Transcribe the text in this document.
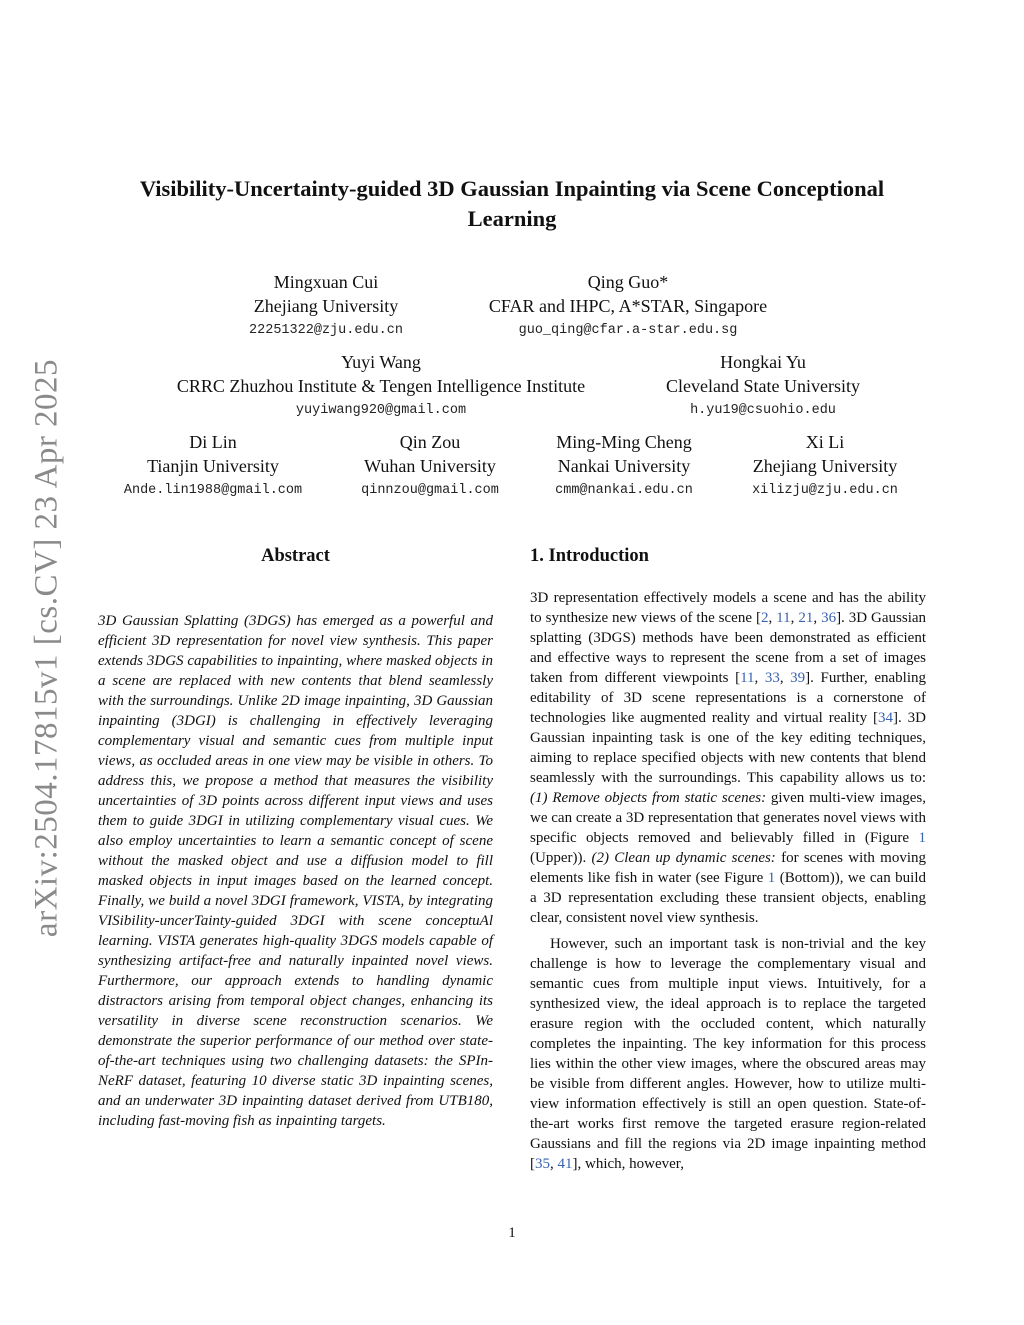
arXiv:2504.17815v1 [cs.CV] 23 Apr 2025
Visibility-Uncertainty-guided 3D Gaussian Inpainting via Scene Conceptional
Learning
Mingxuan Cui
Zhejiang University
22251322@zju.edu.cn
Qing Guo*
CFAR and IHPC, A*STAR, Singapore
guo_qing@cfar.a-star.edu.sg
Yuyi Wang
CRRC Zhuzhou Institute & Tengen Intelligence Institute
yuyiwang920@gmail.com
Hongkai Yu
Cleveland State University
h.yu19@csuohio.edu
Di Lin
Tianjin University
Ande.lin1988@gmail.com
Qin Zou
Wuhan University
qinnzou@gmail.com
Ming-Ming Cheng
Nankai University
cmm@nankai.edu.cn
Xi Li
Zhejiang University
xilizju@zju.edu.cn
Abstract

3D Gaussian Splatting (3DGS) has emerged as a powerful and efficient 3D representation for novel view synthesis. This paper extends 3DGS capabilities to inpainting, where masked objects in a scene are replaced with new contents that blend seamlessly with the surroundings. Unlike 2D image inpainting, 3D Gaussian inpainting (3DGI) is challenging in effectively leveraging complementary visual and semantic cues from multiple input views, as occluded areas in one view may be visible in others. To address this, we propose a method that measures the visibility uncertainties of 3D points across different input views and uses them to guide 3DGI in utilizing complementary visual cues. We also employ uncertainties to learn a semantic concept of scene without the masked object and use a diffusion model to fill masked objects in input images based on the learned concept. Finally, we build a novel 3DGI framework, VISTA, by integrating VISibility-uncerTainty-guided 3DGI with scene conceptuAl learning. VISTA generates high-quality 3DGS models capable of synthesizing artifact-free and naturally inpainted novel views. Furthermore, our approach extends to handling dynamic distractors arising from temporal object changes, enhancing its versatility in diverse scene reconstruction scenarios. We demonstrate the superior performance of our method over state-of-the-art techniques using two challenging datasets: the SPIn-NeRF dataset, featuring 10 diverse static 3D inpainting scenes, and an underwater 3D inpainting dataset derived from UTB180, including fast-moving fish as inpainting targets.

1. Introduction

3D representation effectively models a scene and has the ability to synthesize new views of the scene [2, 11, 21, 36]. 3D Gaussian splatting (3DGS) methods have been demonstrated as efficient and effective ways to represent the scene from a set of images taken from different viewpoints [11, 33, 39]. Further, enabling editability of 3D scene representations is a cornerstone of technologies like augmented reality and virtual reality [34]. 3D Gaussian inpainting task is one of the key editing techniques, aiming to replace specified objects with new contents that blend seamlessly with the surroundings. This capability allows us to: (1) Remove objects from static scenes: given multi-view images, we can create a 3D representation that generates novel views with specific objects removed and believably filled in (Figure 1 (Upper)). (2) Clean up dynamic scenes: for scenes with moving elements like fish in water (see Figure 1 (Bottom)), we can build a 3D representation excluding these transient objects, enabling clear, consistent novel view synthesis.

However, such an important task is non-trivial and the key challenge is how to leverage the complementary visual and semantic cues from multiple input views. Intuitively, for a synthesized view, the ideal approach is to replace the targeted erasure region with the occluded content, which naturally completes the inpainting. The key information for this process lies within the other view images, where the obscured areas may be visible from different angles. However, how to utilize multi-view information effectively is still an open question. State-of-the-art works first remove the targeted erasure region-related Gaussians and fill the regions via 2D image inpainting method [35, 41], which, however,

1
